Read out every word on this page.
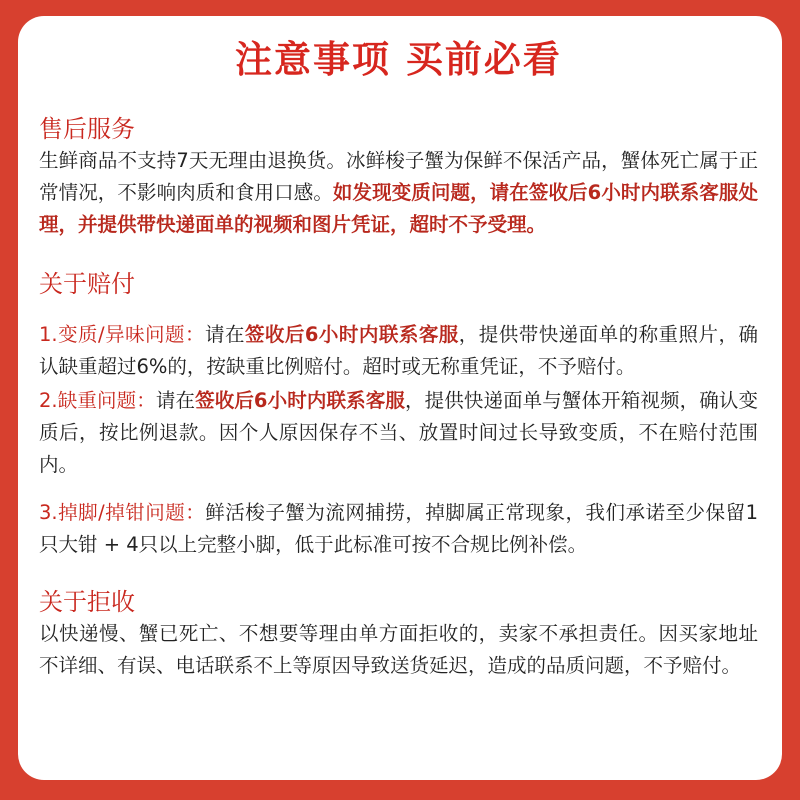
注意事项 买前必看
售后服务

生鲜商品不支持7天无理由退换货。冰鲜梭子蟹为保鲜不保活产品，蟹体死亡属于正常情况，不影响肉质和食用口感。如发现变质问题，请在签收后6小时内联系客服处理，并提供带快递面单的视频和图片凭证，超时不予受理。

关于赔付

1.变质/异味问题：请在签收后6小时内联系客服，提供带快递面单的称重照片，确认缺重超过6%的，按缺重比例赔付。超时或无称重凭证，不予赔付。

2.缺重问题：请在签收后6小时内联系客服，提供快递面单与蟹体开箱视频，确认变质后，按比例退款。因个人原因保存不当、放置时间过长导致变质，不在赔付范围内。

3.掉脚/掉钳问题：鲜活梭子蟹为流网捕捞，掉脚属正常现象，我们承诺至少保留1只大钳 + 4只以上完整小脚，低于此标准可按不合规比例补偿。

关于拒收

以快递慢、蟹已死亡、不想要等理由单方面拒收的，卖家不承担责任。因买家地址不详细、有误、电话联系不上等原因导致送货延迟，造成的品质问题，不予赔付。
